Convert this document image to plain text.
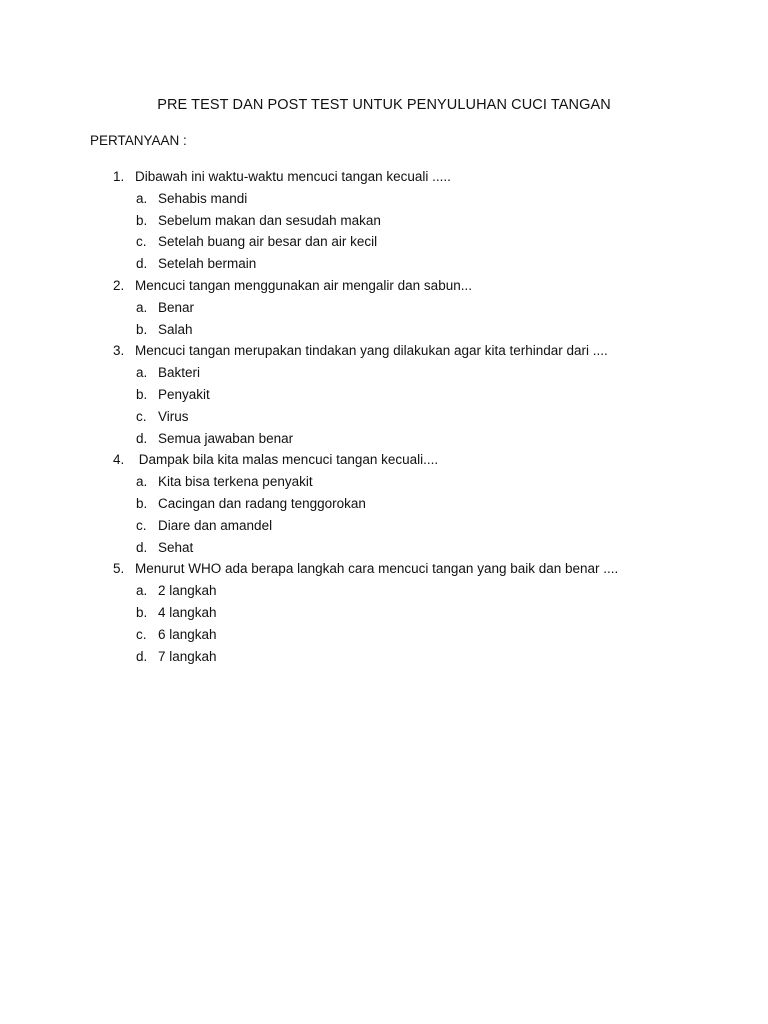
PRE TEST DAN POST TEST UNTUK PENYULUHAN CUCI TANGAN
PERTANYAAN :
1. Dibawah ini waktu-waktu mencuci tangan kecuali .....
a. Sehabis mandi
b. Sebelum makan dan sesudah makan
c. Setelah buang air besar dan air kecil
d. Setelah bermain
2. Mencuci tangan menggunakan air mengalir dan sabun...
a. Benar
b. Salah
3. Mencuci tangan merupakan tindakan yang dilakukan agar kita terhindar dari ....
a. Bakteri
b. Penyakit
c. Virus
d. Semua jawaban benar
4. Dampak bila kita malas mencuci tangan kecuali....
a. Kita bisa terkena penyakit
b. Cacingan dan radang tenggorokan
c. Diare dan amandel
d. Sehat
5. Menurut WHO ada berapa langkah cara mencuci tangan yang baik dan benar ....
a. 2 langkah
b. 4 langkah
c. 6 langkah
d. 7 langkah
